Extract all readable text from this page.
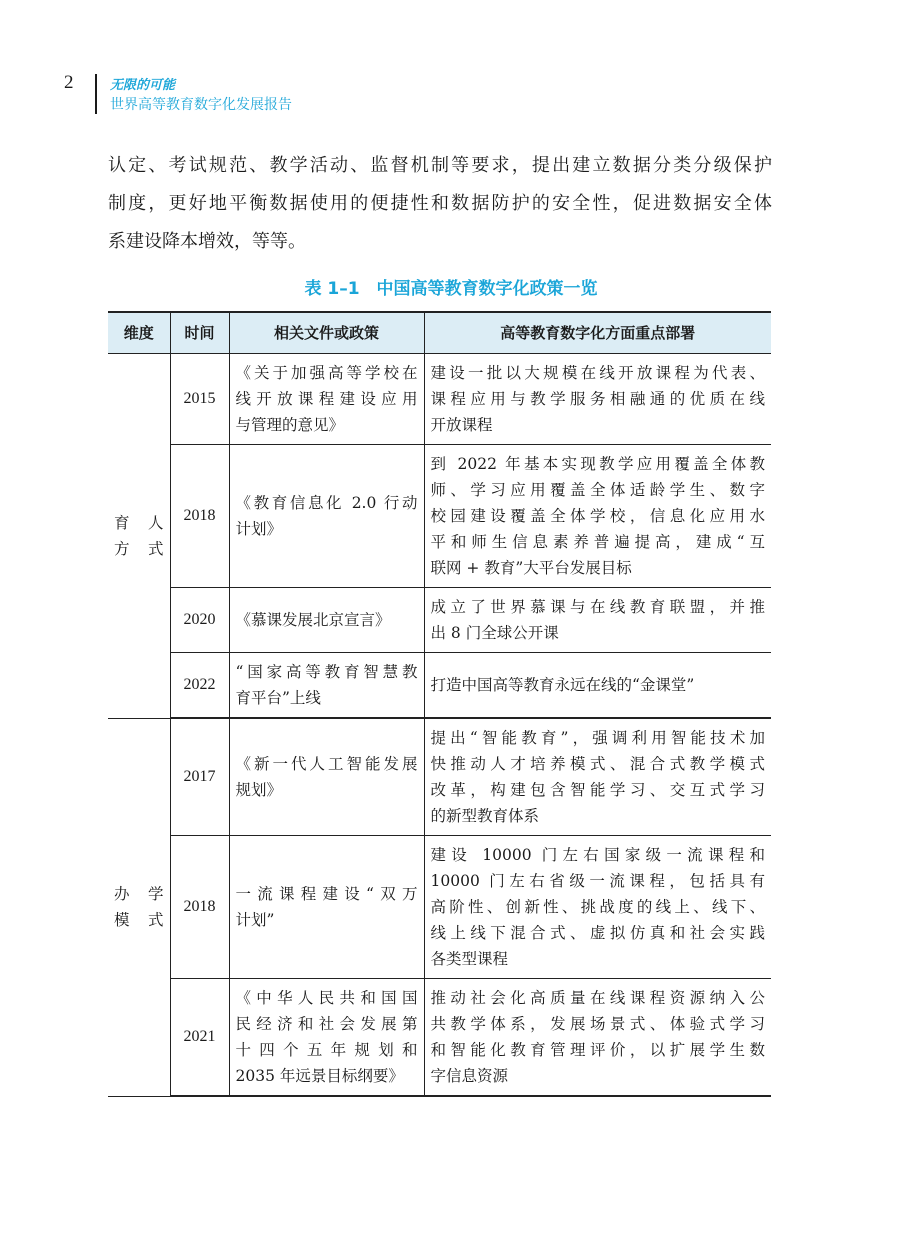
2	无限的可能
世界高等教育数字化发展报告
认定、考试规范、教学活动、监督机制等要求，提出建立数据分类分级保护
制度，更好地平衡数据使用的便捷性和数据防护的安全性，促进数据安全体
系建设降本增效，等等。
表 1–1　中国高等教育数字化政策一览
维度	时间	相关文件或政策	高等教育数字化方面重点部署

育人
方式	2015	《关于加强高等学校在
线开放课程建设应用
与管理的意见》	建设一批以大规模在线开放课程为代表、
课程应用与教学服务相融通的优质在线
开放课程

	2018	《教育信息化 2.0 行动
计划》	到 2022 年基本实现教学应用覆盖全体教
师、学习应用覆盖全体适龄学生、数字
校园建设覆盖全体学校，信息化应用水
平和师生信息素养普遍提高，建成“互
联网 + 教育”大平台发展目标

	2020	《慕课发展北京宣言》	成立了世界慕课与在线教育联盟，并推
出 8 门全球公开课

	2022	“国家高等教育智慧教
育平台”上线	打造中国高等教育永远在线的“金课堂”

办学
模式	2017	《新一代人工智能发展
规划》	提出“智能教育”，强调利用智能技术加
快推动人才培养模式、混合式教学模式
改革，构建包含智能学习、交互式学习
的新型教育体系

	2018	一流课程建设“双万
计划”	建设 10000 门左右国家级一流课程和
10000 门左右省级一流课程，包括具有
高阶性、创新性、挑战度的线上、线下、
线上线下混合式、虚拟仿真和社会实践
各类型课程

	2021	《中华人民共和国国
民经济和社会发展第
十四个五年规划和
2035 年远景目标纲要》	推动社会化高质量在线课程资源纳入公
共教学体系，发展场景式、体验式学习
和智能化教育管理评价，以扩展学生数
字信息资源
